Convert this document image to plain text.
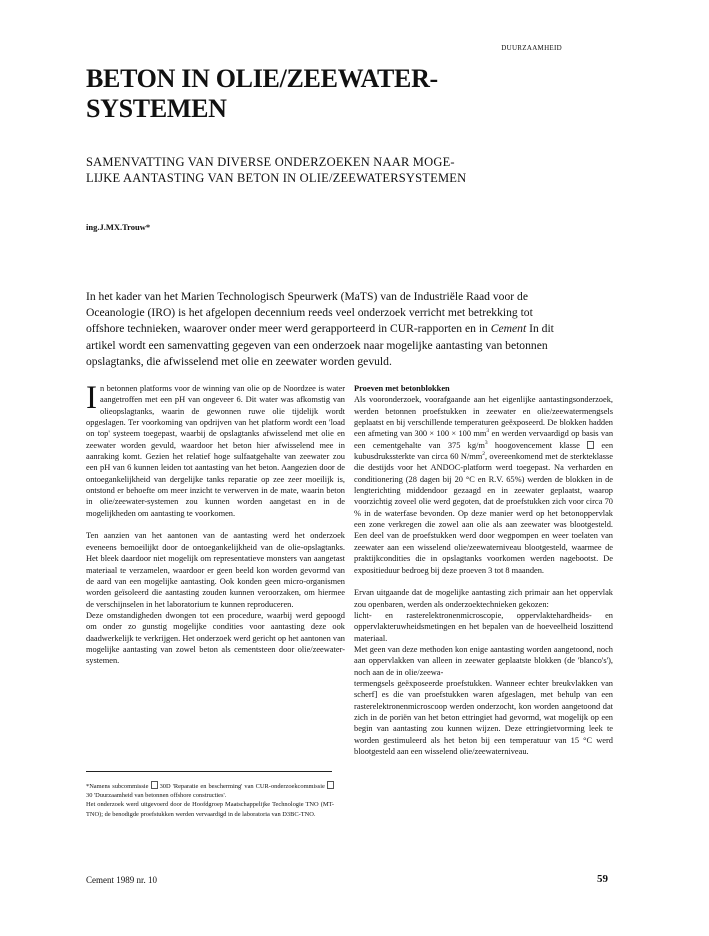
DUURZAAMHEID
BETON IN OLIE/ZEEWATER-
SYSTEMEN
SAMENVATTING VAN DIVERSE ONDERZOEKEN NAAR MOGE-
LIJKE AANTASTING VAN BETON IN OLIE/ZEEWATERSYSTEMEN
ing.J.MX.Trouw*
In het kader van het Marien Technologisch Speurwerk (MaTS) van de Industriële Raad voor de Oceanologie (IRO) is het afgelopen decennium reeds veel onderzoek verricht met betrekking tot offshore technieken, waarover onder meer werd gerapporteerd in CUR-rapporten en in Cement In dit artikel wordt een samenvatting gegeven van een onderzoek naar mogelijke aantasting van betonnen opslagtanks, die afwisselend met olie en zeewater worden gevuld.

In betonnen platforms voor de winning van olie op de Noordzee is water aangetroffen met een pH van ongeveer 6. Dit water was afkomstig van olieopslagtanks, waarin de gewonnen ruwe olie tijdelijk wordt opgeslagen. Ter voorkoming van opdrijven van het platform wordt een 'load on top' systeem toegepast, waarbij de opslagtanks afwisselend met olie en zeewater worden gevuld, waardoor het beton hier afwisselend mee in aanraking komt. Gezien het relatief hoge sulfaatgehalte van zeewater zou een pH van 6 kunnen leiden tot aantasting van het beton. Aangezien door de ontoegankelijkheid van dergelijke tanks reparatie op zee zeer moeilijk is, ontstond er behoefte om meer inzicht te verwerven in de mate, waarin beton in olie/zeewater-systemen zou kunnen worden aangetast en in de mogelijkheden om aantasting te voorkomen.

Ten aanzien van het aantonen van de aantasting werd het onderzoek eveneens bemoeilijkt door de ontoegankelijkheid van de olie-opslagtanks. Het bleek daardoor niet mogelijk om representatieve monsters van aangetast materiaal te verzamelen, waardoor er geen beeld kon worden gevormd van de aard van een mogelijke aantasting. Ook konden geen micro-organismen worden geïsoleerd die aantasting zouden kunnen veroorzaken, om hiermee de verschijnselen in het laboratorium te kunnen reproduceren.

Deze omstandigheden dwongen tot een procedure, waarbij werd gepoogd om onder zo gunstig mogelijke condities voor aantasting deze ook daadwerkelijk te verkrijgen. Het onderzoek werd gericht op het aantonen van mogelijke aantasting van zowel beton als cementsteen door olie/zeewater-systemen.

*Namens subcommissie 30D 'Reparatie en bescherming' van CUR-onderzoekcommissie  30 'Duurzaamheid van betonnen offshore constructies'.

Het onderzoek werd uitgevoerd door de Hoofdgroep Maatschappelijke Technologie TNO (MT-TNO); de benodigde proefstukken werden vervaardigd in de laboratoria van D3BC-TNO.

Proeven met betonblokken

Als vooronderzoek, voorafgaande aan het eigenlijke aantastingsonderzoek, werden betonnen proefstukken in zeewater en olie/zeewatermengsels geplaatst en bij verschillende temperaturen geëxposeerd. De blokken hadden een afmeting van 300 × 100 × 100 $mm^3$ en werden vervaardigd op basis van een cementgehalte van 375 $kg/m^3$ hoogovencement klasse	een kubusdrukssterkte van circa 60 $N/mm^2$, overeenkomend met de sterkteklasse die destijds voor het ANDOC-platform werd toegepast. Na verharden en conditionering (28 dagen bij 20 °C en R.V. 65%) werden de blokken in de lengterichting middendoor gezaagd en in zeewater geplaatst, waarop voorzichtig zoveel olie werd gegoten, dat de proefstukken zich voor circa 70 % in de waterfase bevonden. Op deze manier werd op het betonoppervlak een zone verkregen die zowel aan olie als aan zeewater was blootgesteld. Een deel van de proefstukken werd door wegpompen en weer toelaten van zeewater aan een wisselend olie/zeewaterniveau blootgesteld, waarmee de praktijkcondities die in opslagtanks voorkomen werden nagebootst. De expositieduur bedroeg bij deze proeven 3 tot 8 maanden.

Ervan uitgaande dat de mogelijke aantasting zich primair aan het oppervlak zou openbaren, werden als onderzoektechnieken gekozen:

licht- en rasterelektronenmicroscopie, oppervlaktehardheids- en oppervlakteruwheidsmetingen en het bepalen van de hoeveelheid loszittend materiaal.

Met geen van deze methoden kon enige aantasting worden aangetoond, noch aan oppervlakken van alleen in zeewater geplaatste blokken (de 'blanco's'), noch aan de in olie/zeewa-

termengsels geëxposeerde proefstukken. Wanneer echter breukvlakken van scherf] es die van proefstukken waren afgeslagen, met behulp van een rasterelektronenmicroscoop werden onderzocht, kon worden aangetoond dat zich in de poriën van het beton ettringiet had gevormd, wat mogelijk op een begin van aantasting zou kunnen wijzen. Deze ettringietvorming leek te worden gestimuleerd als het beton bij een temperatuur van 15 °C werd blootgesteld aan een wisselend olie/zeewaterniveau.

Cement 1989 nr. 10	59
